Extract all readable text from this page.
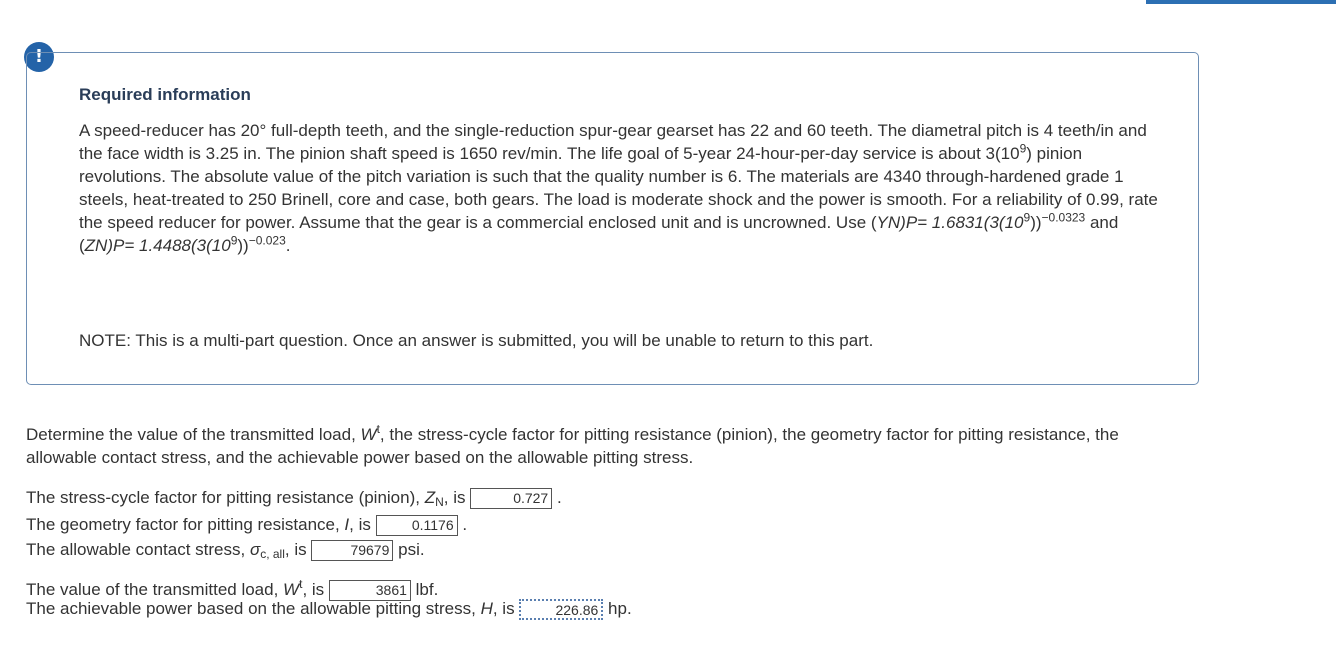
!
Required information

A speed-reducer has 20° full-depth teeth, and the single-reduction spur-gear gearset has 22 and 60 teeth. The diametral pitch is 4 teeth/in and the face width is 3.25 in. The pinion shaft speed is 1650 rev/min. The life goal of 5-year 24-hour-per-day service is about $3(10^9)$ pinion revolutions. The absolute value of the pitch variation is such that the quality number is 6. The materials are 4340 through-hardened grade 1 steels, heat-treated to 250 Brinell, core and case, both gears. The load is moderate shock and the power is smooth. For a reliability of 0.99, rate the speed reducer for power. Assume that the gear is a commercial enclosed unit and is uncrowned. Use $(YN)P= 1.6831(3(10^9))^{-0.0323}$ and $(ZN)P= 1.4488(3(10^9))^{-0.023}$.

NOTE: This is a multi-part question. Once an answer is submitted, you will be unable to return to this part.

Determine the value of the transmitted load, $W^t$, the stress-cycle factor for pitting resistance (pinion), the geometry factor for pitting resistance, the allowable contact stress, and the achievable power based on the allowable pitting stress.

The stress-cycle factor for pitting resistance (pinion), $Z_N$, is	0.727 .
The geometry factor for pitting resistance, I, is	0.1176 .
The allowable contact stress, $\sigma_{c, all}$, is	79679 psi.
The value of the transmitted load, $W^t$, is	3861 lbf.
The achievable power based on the allowable pitting stress, H, is	226.86 hp.
